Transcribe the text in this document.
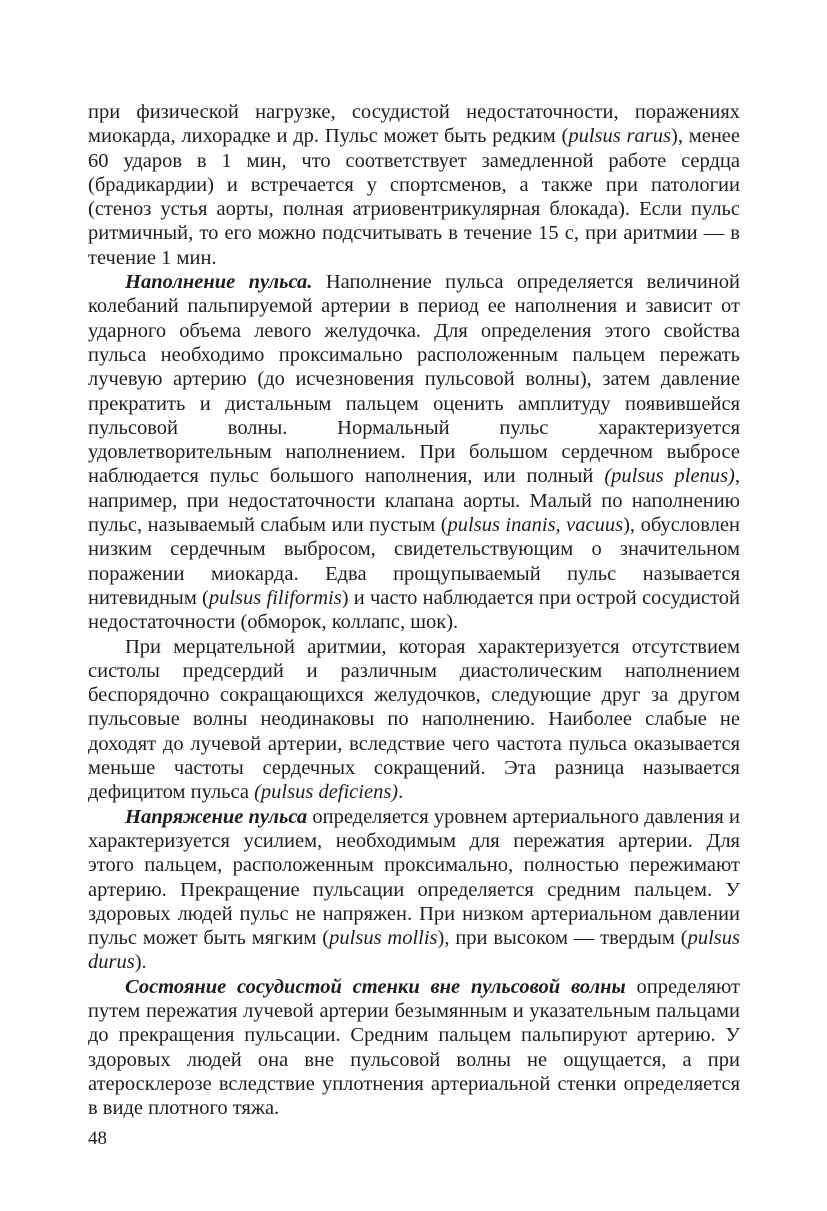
при физической нагрузке, сосудистой недостаточности, поражениях миокарда, лихорадке и др. Пульс может быть редким (pulsus rarus), менее 60 ударов в 1 мин, что соответствует замедленной работе сердца (брадикардии) и встречается у спортсменов, а также при патологии (стеноз устья аорты, полная атриовентрикулярная блокада). Если пульс ритмичный, то его можно подсчитывать в течение 15 с, при аритмии — в течение 1 мин.

Наполнение пульса. Наполнение пульса определяется величиной колебаний пальпируемой артерии в период ее наполнения и зависит от ударного объема левого желудочка. Для определения этого свойства пульса необходимо проксимально расположенным пальцем пережать лучевую артерию (до исчезновения пульсовой волны), затем давление прекратить и дистальным пальцем оценить амплитуду появившейся пульсовой волны. Нормальный пульс характеризуется удовлетворительным наполнением. При большом сердечном выбросе наблюдается пульс большого наполнения, или полный (pulsus plenus), например, при недостаточности клапана аорты. Малый по наполнению пульс, называемый слабым или пустым (pulsus inanis, vacuus), обусловлен низким сердечным выбросом, свидетельствующим о значительном поражении миокарда. Едва прощупываемый пульс называется нитевидным (pulsus filiformis) и часто наблюдается при острой сосудистой недостаточности (обморок, коллапс, шок).

При мерцательной аритмии, которая характеризуется отсутствием систолы предсердий и различным диастолическим наполнением беспорядочно сокращающихся желудочков, следующие друг за другом пульсовые волны неодинаковы по наполнению. Наиболее слабые не доходят до лучевой артерии, вследствие чего частота пульса оказывается меньше частоты сердечных сокращений. Эта разница называется дефицитом пульса (pulsus deficiens).

Напряжение пульса определяется уровнем артериального давления и характеризуется усилием, необходимым для пережатия артерии. Для этого пальцем, расположенным проксимально, полностью пережимают артерию. Прекращение пульсации определяется средним пальцем. У здоровых людей пульс не напряжен. При низком артериальном давлении пульс может быть мягким (pulsus mollis), при высоком — твердым (pulsus durus).

Состояние сосудистой стенки вне пульсовой волны определяют путем пережатия лучевой артерии безымянным и указательным пальцами до прекращения пульсации. Средним пальцем пальпируют артерию. У здоровых людей она вне пульсовой волны не ощущается, а при атеросклерозе вследствие уплотнения артериальной стенки определяется в виде плотного тяжа.

48
